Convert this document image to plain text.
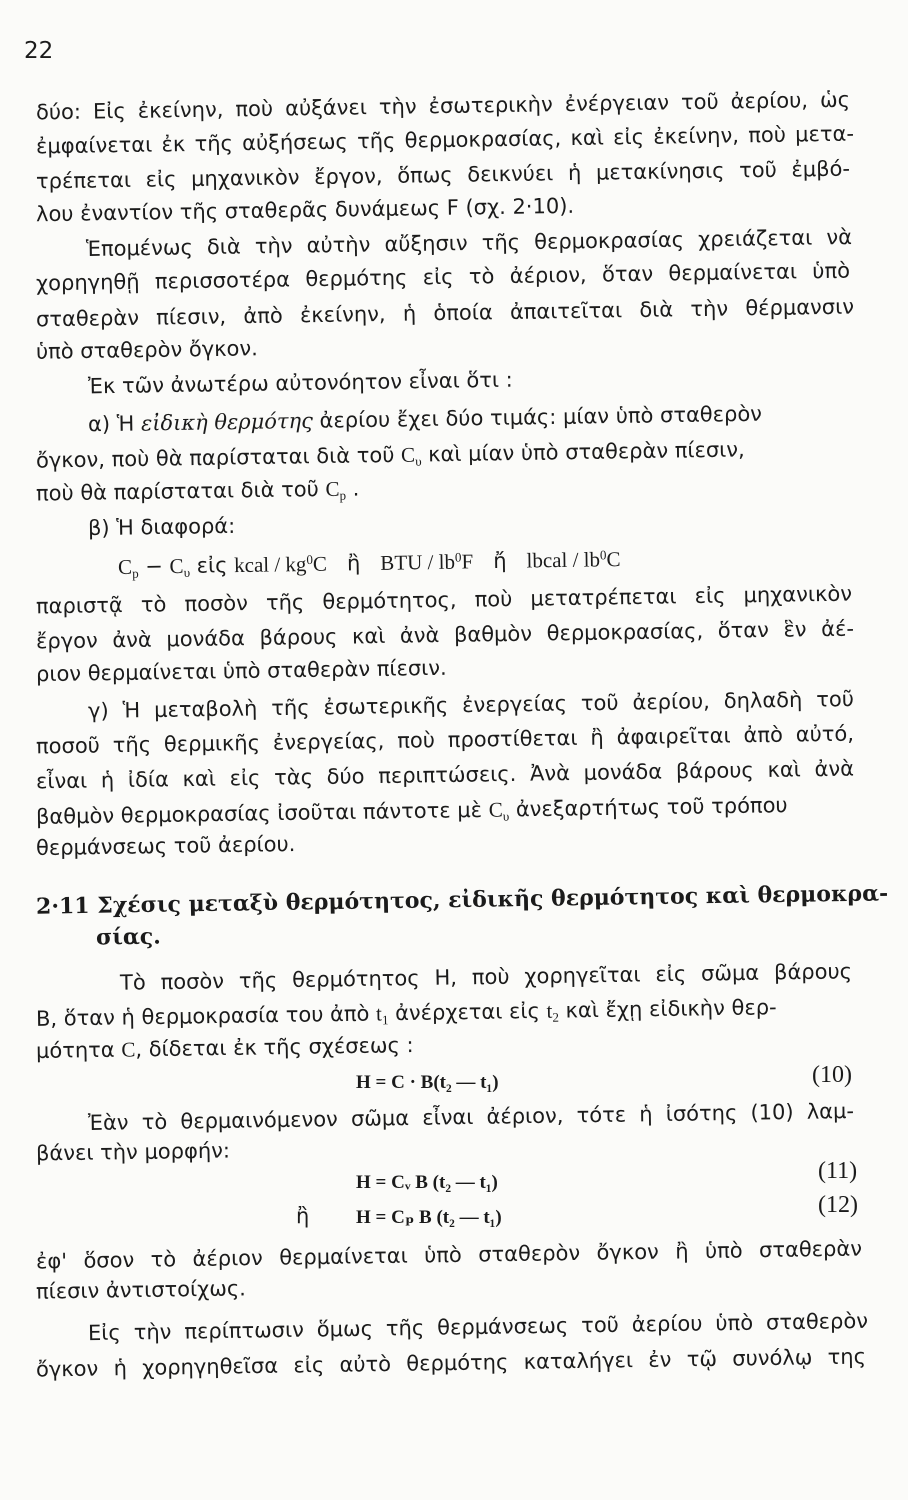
22
δύο: Εἰς ἐκείνην, ποὺ αὐξάνει τὴν ἐσωτερικὴν ἐνέργειαν τοῦ ἀερίου, ὡς
ἐμφαίνεται ἐκ τῆς αὐξήσεως τῆς θερμοκρασίας, καὶ εἰς ἐκείνην, ποὺ μετα-
τρέπεται εἰς μηχανικὸν ἔργον, ὅπως δεικνύει ἡ μετακίνησις τοῦ ἐμβό-
λου ἐναντίον τῆς σταθερᾶς δυνάμεως F (σχ. 2·10).
Ἑπομένως διὰ τὴν αὐτὴν αὔξησιν τῆς θερμοκρασίας χρειάζεται νὰ
χορηγηθῇ περισσοτέρα θερμότης εἰς τὸ ἀέριον, ὅταν θερμαίνεται ὑπὸ
σταθερὰν πίεσιν, ἀπὸ ἐκείνην, ἡ ὁποία ἀπαιτεῖται διὰ τὴν θέρμανσιν
ὑπὸ σταθερὸν ὄγκον.
Ἐκ τῶν ἀνωτέρω αὐτονόητον εἶναι ὅτι :
α) Ἡ εἰδικὴ θερμότης ἀερίου ἔχει δύο τιμάς: μίαν ὑπὸ σταθερὸν
ὄγκον, ποὺ θὰ παρίσταται διὰ τοῦ $C_\upsilon$ καὶ μίαν ὑπὸ σταθερὰν πίεσιν,
ποὺ θὰ παρίσταται διὰ τοῦ $C_p$ .
β) Ἡ διαφορά:
$C_p - C_\upsilon$ εἰς kcal / $kg^0C$ ἢ BTU / $lb^0F$ ἤ lbcal / $lb^0C$
παριστᾷ τὸ ποσὸν τῆς θερμότητος, ποὺ μετατρέπεται εἰς μηχανικὸν
ἔργον ἀνὰ μονάδα βάρους καὶ ἀνὰ βαθμὸν θερμοκρασίας, ὅταν ἓν ἀέ-
ριον θερμαίνεται ὑπὸ σταθερὰν πίεσιν.
γ) Ἡ μεταβολὴ τῆς ἐσωτερικῆς ἐνεργείας τοῦ ἀερίου, δηλαδὴ τοῦ
ποσοῦ τῆς θερμικῆς ἐνεργείας, ποὺ προστίθεται ἢ ἀφαιρεῖται ἀπὸ αὐτό,
εἶναι ἡ ἰδία καὶ εἰς τὰς δύο περιπτώσεις. Ἀνὰ μονάδα βάρους καὶ ἀνὰ
βαθμὸν θερμοκρασίας ἰσοῦται πάντοτε μὲ $C_\upsilon$ ἀνεξαρτήτως τοῦ τρόπου
θερμάνσεως τοῦ ἀερίου.
2·11 Σχέσις μεταξὺ θερμότητος, εἰδικῆς θερμότητος καὶ θερμοκρα-
σίας.
Τὸ ποσὸν τῆς θερμότητος Η, ποὺ χορηγεῖται εἰς σῶμα βάρους
Β, ὅταν ἡ θερμοκρασία του ἀπὸ $t_1$ ἀνέρχεται εἰς $t_2$ καὶ ἔχῃ εἰδικὴν θερ-
μότητα C, δίδεται ἐκ τῆς σχέσεως :
Η = C · B(t₂ — t₁)	(10)
Ἐὰν τὸ θερμαινόμενον σῶμα εἶναι ἀέριον, τότε ἡ ἰσότης (10) λαμ-
βάνει τὴν μορφήν:
Η = Cᵥ B (t₂ — t₁)	(11)
ἢ Η = Cₚ B (t₂ — t₁)	(12)
ἐφ' ὅσον τὸ ἀέριον θερμαίνεται ὑπὸ σταθερὸν ὄγκον ἢ ὑπὸ σταθερὰν
πίεσιν ἀντιστοίχως.
Εἰς τὴν περίπτωσιν ὅμως τῆς θερμάνσεως τοῦ ἀερίου ὑπὸ σταθερὸν
ὄγκον ἡ χορηγηθεῖσα εἰς αὐτὸ θερμότης καταλήγει ἐν τῷ συνόλῳ της
